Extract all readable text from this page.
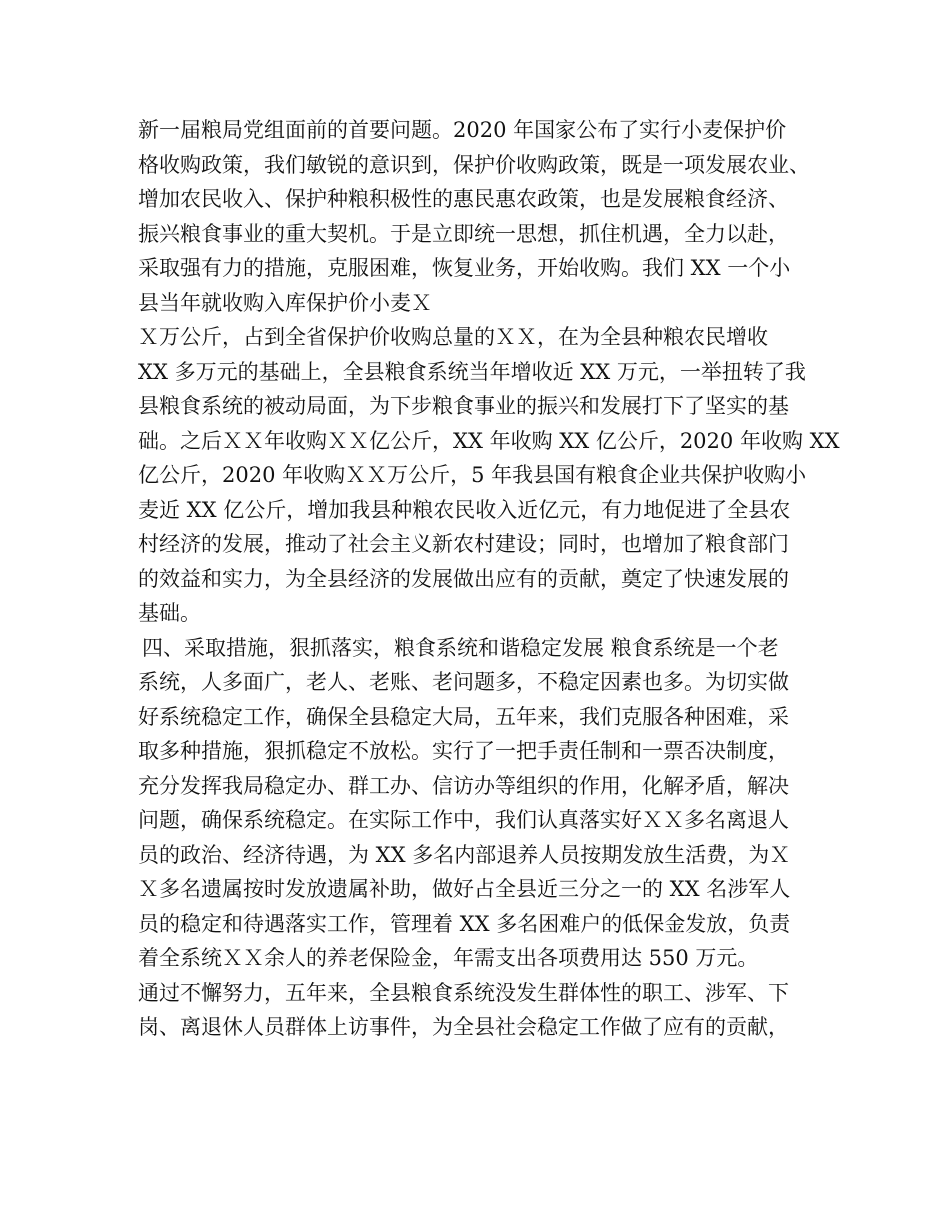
新一届粮局党组面前的首要问题。2020 年国家公布了实行小麦保护价
格收购政策，我们敏锐的意识到，保护价收购政策，既是一项发展农业、
增加农民收入、保护种粮积极性的惠民惠农政策，也是发展粮食经济、
振兴粮食事业的重大契机。于是立即统一思想，抓住机遇，全力以赴，
采取强有力的措施，克服困难，恢复业务，开始收购。我们 XX 一个小
县当年就收购入库保护价小麦Ｘ
Ｘ万公斤，占到全省保护价收购总量的ＸＸ，在为全县种粮农民增收
XX 多万元的基础上，全县粮食系统当年增收近 XX 万元，一举扭转了我
县粮食系统的被动局面，为下步粮食事业的振兴和发展打下了坚实的基
础。之后ＸＸ年收购ＸＸ亿公斤，XX 年收购 XX 亿公斤，2020 年收购 XX
亿公斤，2020 年收购ＸＸ万公斤，5 年我县国有粮食企业共保护收购小
麦近 XX 亿公斤，增加我县种粮农民收入近亿元，有力地促进了全县农
村经济的发展，推动了社会主义新农村建设；同时，也增加了粮食部门
的效益和实力，为全县经济的发展做出应有的贡献，奠定了快速发展的
基础。
四、采取措施，狠抓落实，粮食系统和谐稳定发展 粮食系统是一个老
系统，人多面广，老人、老账、老问题多，不稳定因素也多。为切实做
好系统稳定工作，确保全县稳定大局，五年来，我们克服各种困难，采
取多种措施，狠抓稳定不放松。实行了一把手责任制和一票否决制度，
充分发挥我局稳定办、群工办、信访办等组织的作用，化解矛盾，解决
问题，确保系统稳定。在实际工作中，我们认真落实好ＸＸ多名离退人
员的政治、经济待遇，为 XX 多名内部退养人员按期发放生活费，为Ｘ
Ｘ多名遗属按时发放遗属补助，做好占全县近三分之一的 XX 名涉军人
员的稳定和待遇落实工作，管理着 XX 多名困难户的低保金发放，负责
着全系统ＸＸ余人的养老保险金，年需支出各项费用达 550 万元。
通过不懈努力，五年来，全县粮食系统没发生群体性的职工、涉军、下
岗、离退休人员群体上访事件，为全县社会稳定工作做了应有的贡献，
